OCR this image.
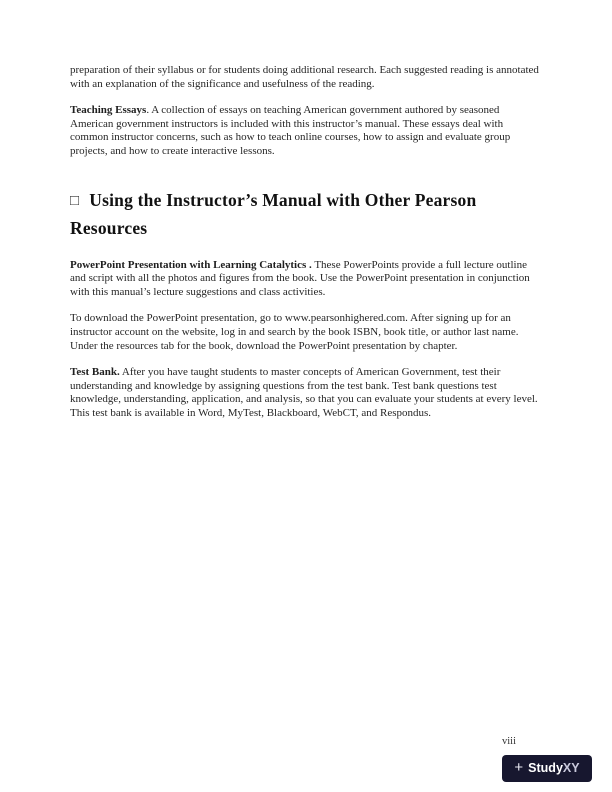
preparation of their syllabus or for students doing additional research. Each suggested reading is annotated with an explanation of the significance and usefulness of the reading.

Teaching Essays. A collection of essays on teaching American government authored by seasoned American government instructors is included with this instructor’s manual. These essays deal with common instructor concerns, such as how to teach online courses, how to assign and evaluate group projects, and how to create interactive lessons.

□ Using the Instructor’s Manual with Other Pearson Resources

PowerPoint Presentation with Learning Catalytics . These PowerPoints provide a full lecture outline and script with all the photos and figures from the book. Use the PowerPoint presentation in conjunction with this manual’s lecture suggestions and class activities.

To download the PowerPoint presentation, go to www.pearsonhighered.com. After signing up for an instructor account on the website, log in and search by the book ISBN, book title, or author last name. Under the resources tab for the book, download the PowerPoint presentation by chapter.

Test Bank. After you have taught students to master concepts of American Government, test their understanding and knowledge by assigning questions from the test bank. Test bank questions test knowledge, understanding, application, and analysis, so that you can evaluate your students at every level. This test bank is available in Word, MyTest, Blackboard, WebCT, and Respondus.

viii
+ StudyXY
